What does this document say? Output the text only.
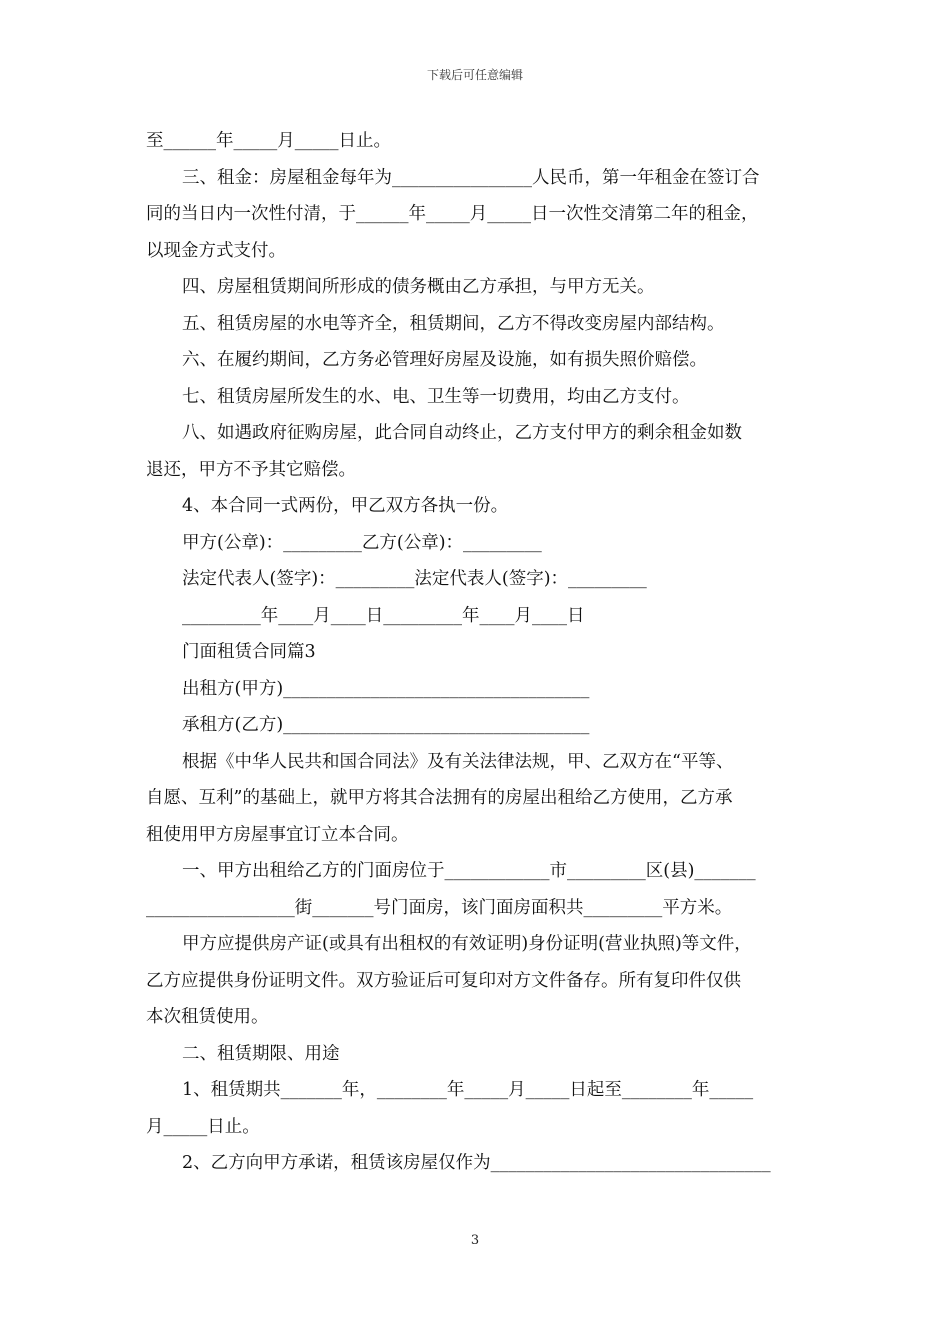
下载后可任意编辑

至______年_____月_____日止。

三、租金：房屋租金每年为________________人民币，第一年租金在签订合

同的当日内一次性付清，于______年_____月_____日一次性交清第二年的租金，

以现金方式支付。

四、房屋租赁期间所形成的债务概由乙方承担，与甲方无关。

五、租赁房屋的水电等齐全，租赁期间，乙方不得改变房屋内部结构。

六、在履约期间，乙方务必管理好房屋及设施，如有损失照价赔偿。

七、租赁房屋所发生的水、电、卫生等一切费用，均由乙方支付。

八、如遇政府征购房屋，此合同自动终止，乙方支付甲方的剩余租金如数

退还，甲方不予其它赔偿。

4、本合同一式两份，甲乙双方各执一份。

甲方(公章)：_________乙方(公章)：_________

法定代表人(签字)：_________法定代表人(签字)：_________

_________年____月____日_________年____月____日

门面租赁合同篇3

出租方(甲方)___________________________________

承租方(乙方)___________________________________

根据《中华人民共和国合同法》及有关法律法规，甲、乙双方在“平等、

自愿、互利”的基础上，就甲方将其合法拥有的房屋出租给乙方使用，乙方承

租使用甲方房屋事宜订立本合同。

一、甲方出租给乙方的门面房位于____________市_________区(县)_______

_________________街_______号门面房，该门面房面积共_________平方米。

甲方应提供房产证(或具有出租权的有效证明)身份证明(营业执照)等文件，

乙方应提供身份证明文件。双方验证后可复印对方文件备存。所有复印件仅供

本次租赁使用。

二、租赁期限、用途

1、租赁期共_______年，________年_____月_____日起至________年_____

月_____日止。

2、乙方向甲方承诺，租赁该房屋仅作为________________________________

3
